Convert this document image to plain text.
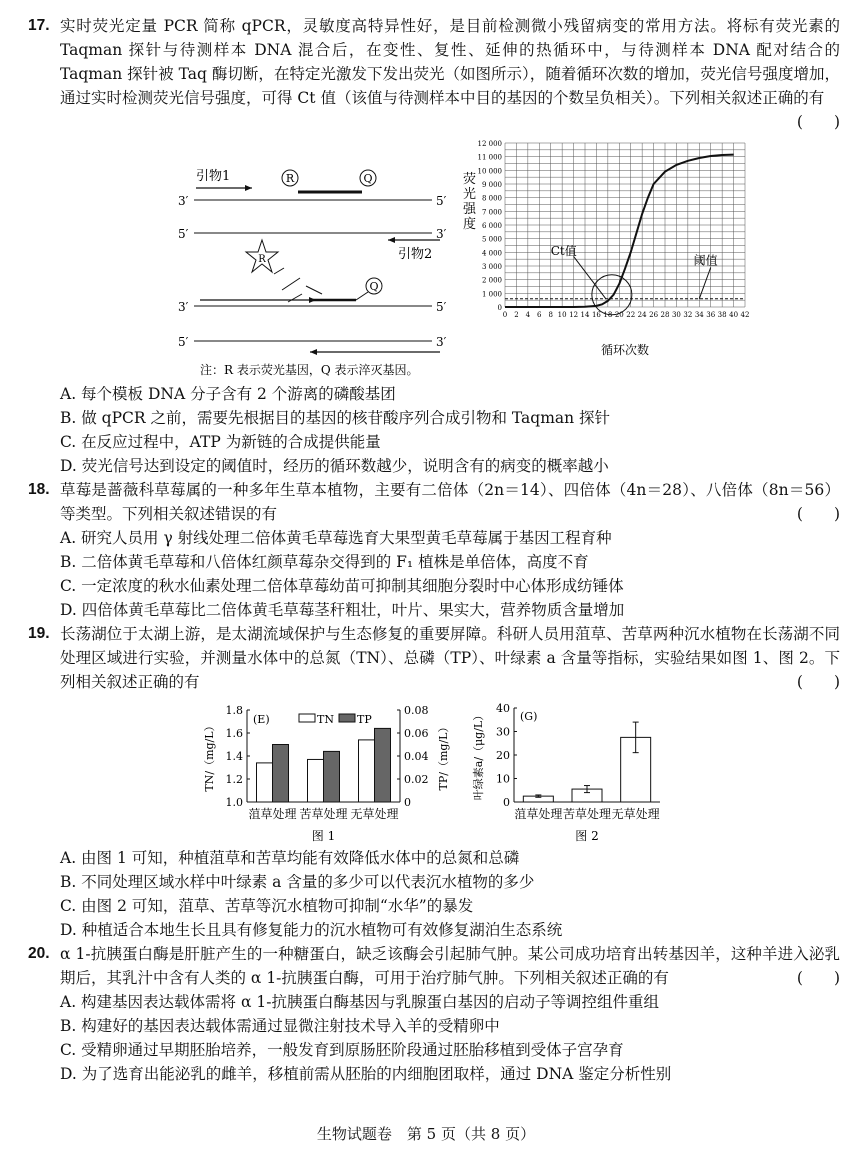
17. 实时荧光定量 PCR 简称 qPCR，灵敏度高特异性好，是目前检测微小残留病变的常用方法。将标有荧光素的 Taqman 探针与待测样本 DNA 混合后，在变性、复性、延伸的热循环中，与待测样本 DNA 配对结合的 Taqman 探针被 Taq 酶切断，在特定光激发下发出荧光（如图所示），随着循环次数的增加，荧光信号强度增加，通过实时检测荧光信号强度，可得 Ct 值（该值与待测样本中目的基因的个数呈负相关）。下列相关叙述正确的有
(　　)
引物1	R	Q
3′	5′
5′	3′
R	引物2
Q
3′	5′
5′	3′
注：R 表示荧光基因，Q 表示淬灭基因。
荧
光
强
度
0
1 000
2 000
3 000
4 000
5 000
6 000
7 000
8 000
9 000
10 000
11 000
12 000
0 2 4 6 8 10 12 14 16 18 20 22 24 26 28 30 32 34 36 38 40 42
Ct值
阈值
循环次数
A. 每个模板 DNA 分子含有 2 个游离的磷酸基团
B. 做 qPCR 之前，需要先根据目的基因的核苷酸序列合成引物和 Taqman 探针
C. 在反应过程中，ATP 为新链的合成提供能量
D. 荧光信号达到设定的阈值时，经历的循环数越少，说明含有的病变的概率越小
18. 草莓是蔷薇科草莓属的一种多年生草本植物，主要有二倍体（2n＝14）、四倍体（4n＝28）、八倍体（8n＝56）等类型。下列相关叙述错误的有	(　　)
A. 研究人员用 γ 射线处理二倍体黄毛草莓选育大果型黄毛草莓属于基因工程育种
B. 二倍体黄毛草莓和八倍体红颜草莓杂交得到的 F₁ 植株是单倍体，高度不育
C. 一定浓度的秋水仙素处理二倍体草莓幼苗可抑制其细胞分裂时中心体形成纺锤体
D. 四倍体黄毛草莓比二倍体黄毛草莓茎秆粗壮，叶片、果实大，营养物质含量增加
19. 长荡湖位于太湖上游，是太湖流域保护与生态修复的重要屏障。科研人员用菹草、苦草两种沉水植物在长荡湖不同处理区域进行实验，并测量水体中的总氮（TN）、总磷（TP）、叶绿素 a 含量等指标，实验结果如图 1、图 2。下列相关叙述正确的有	(　　)
1.0
1.2
1.4
1.6
1.8
0
0.02
0.04
0.06
0.08
TN/（mg/L）	TP/（mg/L）
(E)	TN TP
菹草处理 苦草处理 无草处理
图 1
0
10
20
30
40
叶绿素a/（μg/L）	(G)
菹草处理 苦草处理 无草处理
图 2
A. 由图 1 可知，种植菹草和苦草均能有效降低水体中的总氮和总磷
B. 不同处理区域水样中叶绿素 a 含量的多少可以代表沉水植物的多少
C. 由图 2 可知，菹草、苦草等沉水植物可抑制“水华”的暴发
D. 种植适合本地生长且具有修复能力的沉水植物可有效修复湖泊生态系统
20. α 1-抗胰蛋白酶是肝脏产生的一种糖蛋白，缺乏该酶会引起肺气肿。某公司成功培育出转基因羊，这种羊进入泌乳期后，其乳汁中含有人类的 α 1-抗胰蛋白酶，可用于治疗肺气肿。下列相关叙述正确的有	(　　)
A. 构建基因表达载体需将 α 1-抗胰蛋白酶基因与乳腺蛋白基因的启动子等调控组件重组
B. 构建好的基因表达载体需通过显微注射技术导入羊的受精卵中
C. 受精卵通过早期胚胎培养，一般发育到原肠胚阶段通过胚胎移植到受体子宫孕育
D. 为了选育出能泌乳的雌羊，移植前需从胚胎的内细胞团取样，通过 DNA 鉴定分析性别
生物试题卷　第 5 页（共 8 页）
